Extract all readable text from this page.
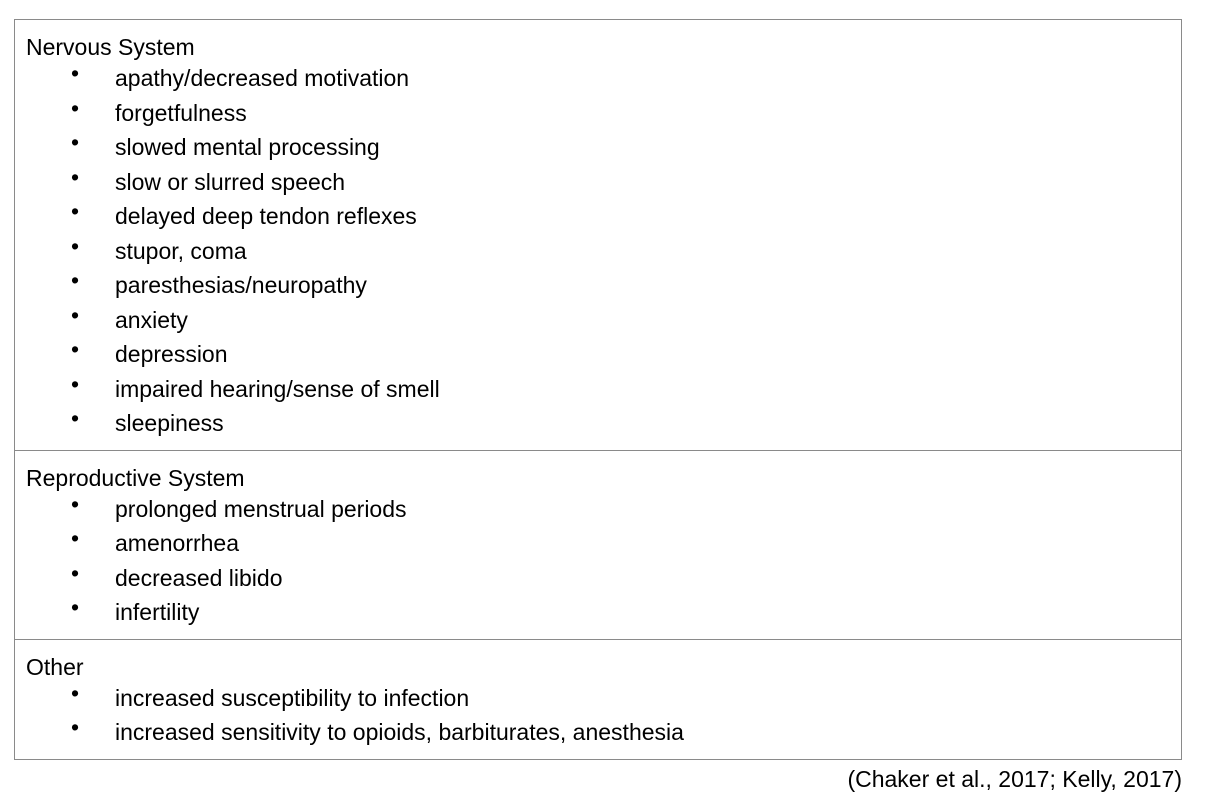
Nervous System
• apathy/decreased motivation
• forgetfulness
• slowed mental processing
• slow or slurred speech
• delayed deep tendon reflexes
• stupor, coma
• paresthesias/neuropathy
• anxiety
• depression
• impaired hearing/sense of smell
• sleepiness
Reproductive System
• prolonged menstrual periods
• amenorrhea
• decreased libido
• infertility
Other
• increased susceptibility to infection
• increased sensitivity to opioids, barbiturates, anesthesia
(Chaker et al., 2017; Kelly, 2017)
